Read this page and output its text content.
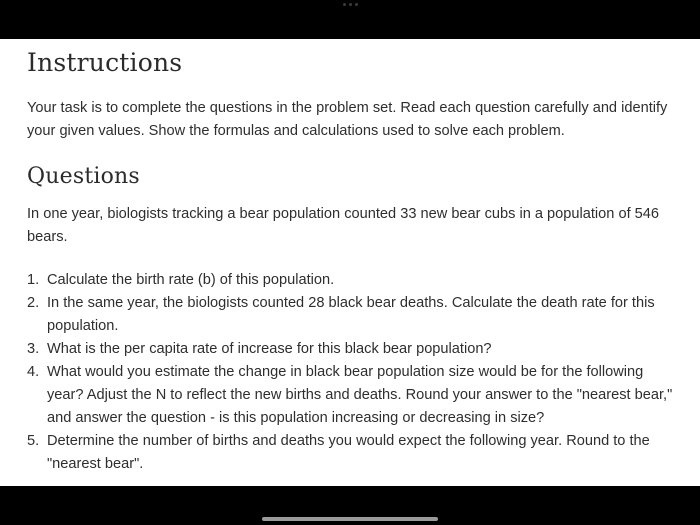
Instructions

Your task is to complete the questions in the problem set. Read each question carefully and identify your given values. Show the formulas and calculations used to solve each problem.

Questions

In one year, biologists tracking a bear population counted 33 new bear cubs in a population of 546 bears.

1. Calculate the birth rate (b) of this population.
2. In the same year, the biologists counted 28 black bear deaths. Calculate the death rate for this population.
3. What is the per capita rate of increase for this black bear population?
4. What would you estimate the change in black bear population size would be for the following year? Adjust the N to reflect the new births and deaths. Round your answer to the "nearest bear," and answer the question - is this population increasing or decreasing in size?
5. Determine the number of births and deaths you would expect the following year. Round to the "nearest bear".
